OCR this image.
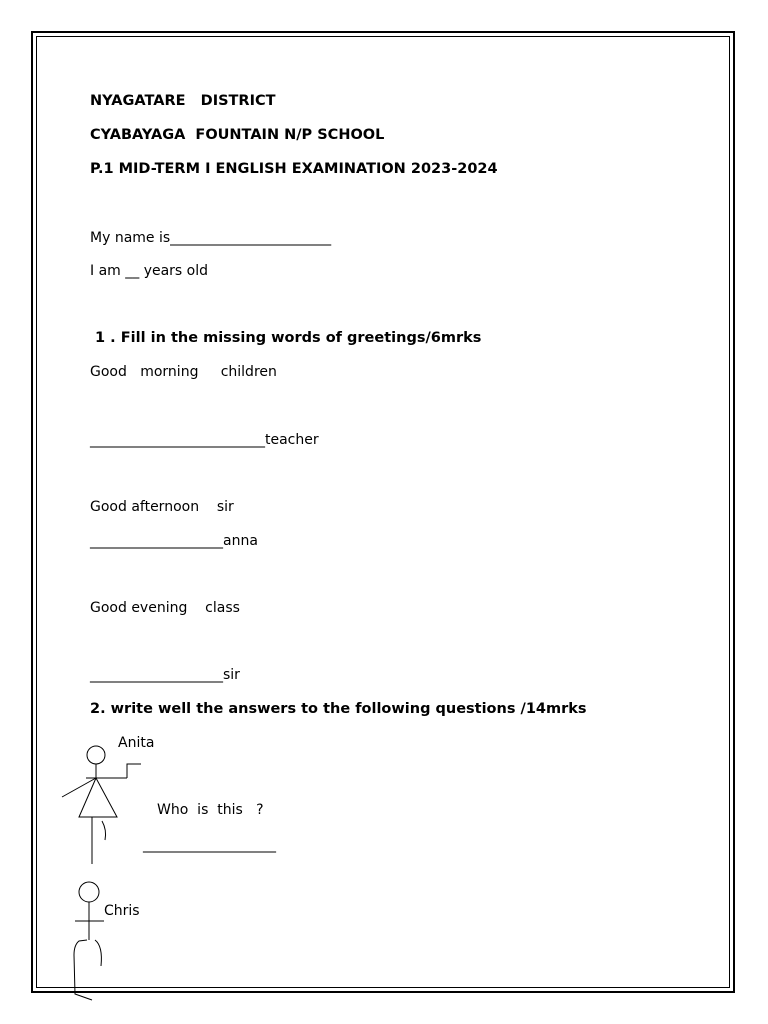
NYAGATARE   DISTRICT
CYABAYAGA  FOUNTAIN N/P SCHOOL
P.1 MID-TERM I ENGLISH EXAMINATION 2023-2024
My name is_______________________
I am __ years old
1 . Fill in the missing words of greetings/6mrks
Good   morning     children
_________________________teacher
Good afternoon    sir
___________________anna
Good evening    class
___________________sir
2. write well the answers to the following questions /14mrks
Anita
Who  is  this   ?
___________________
Chris
